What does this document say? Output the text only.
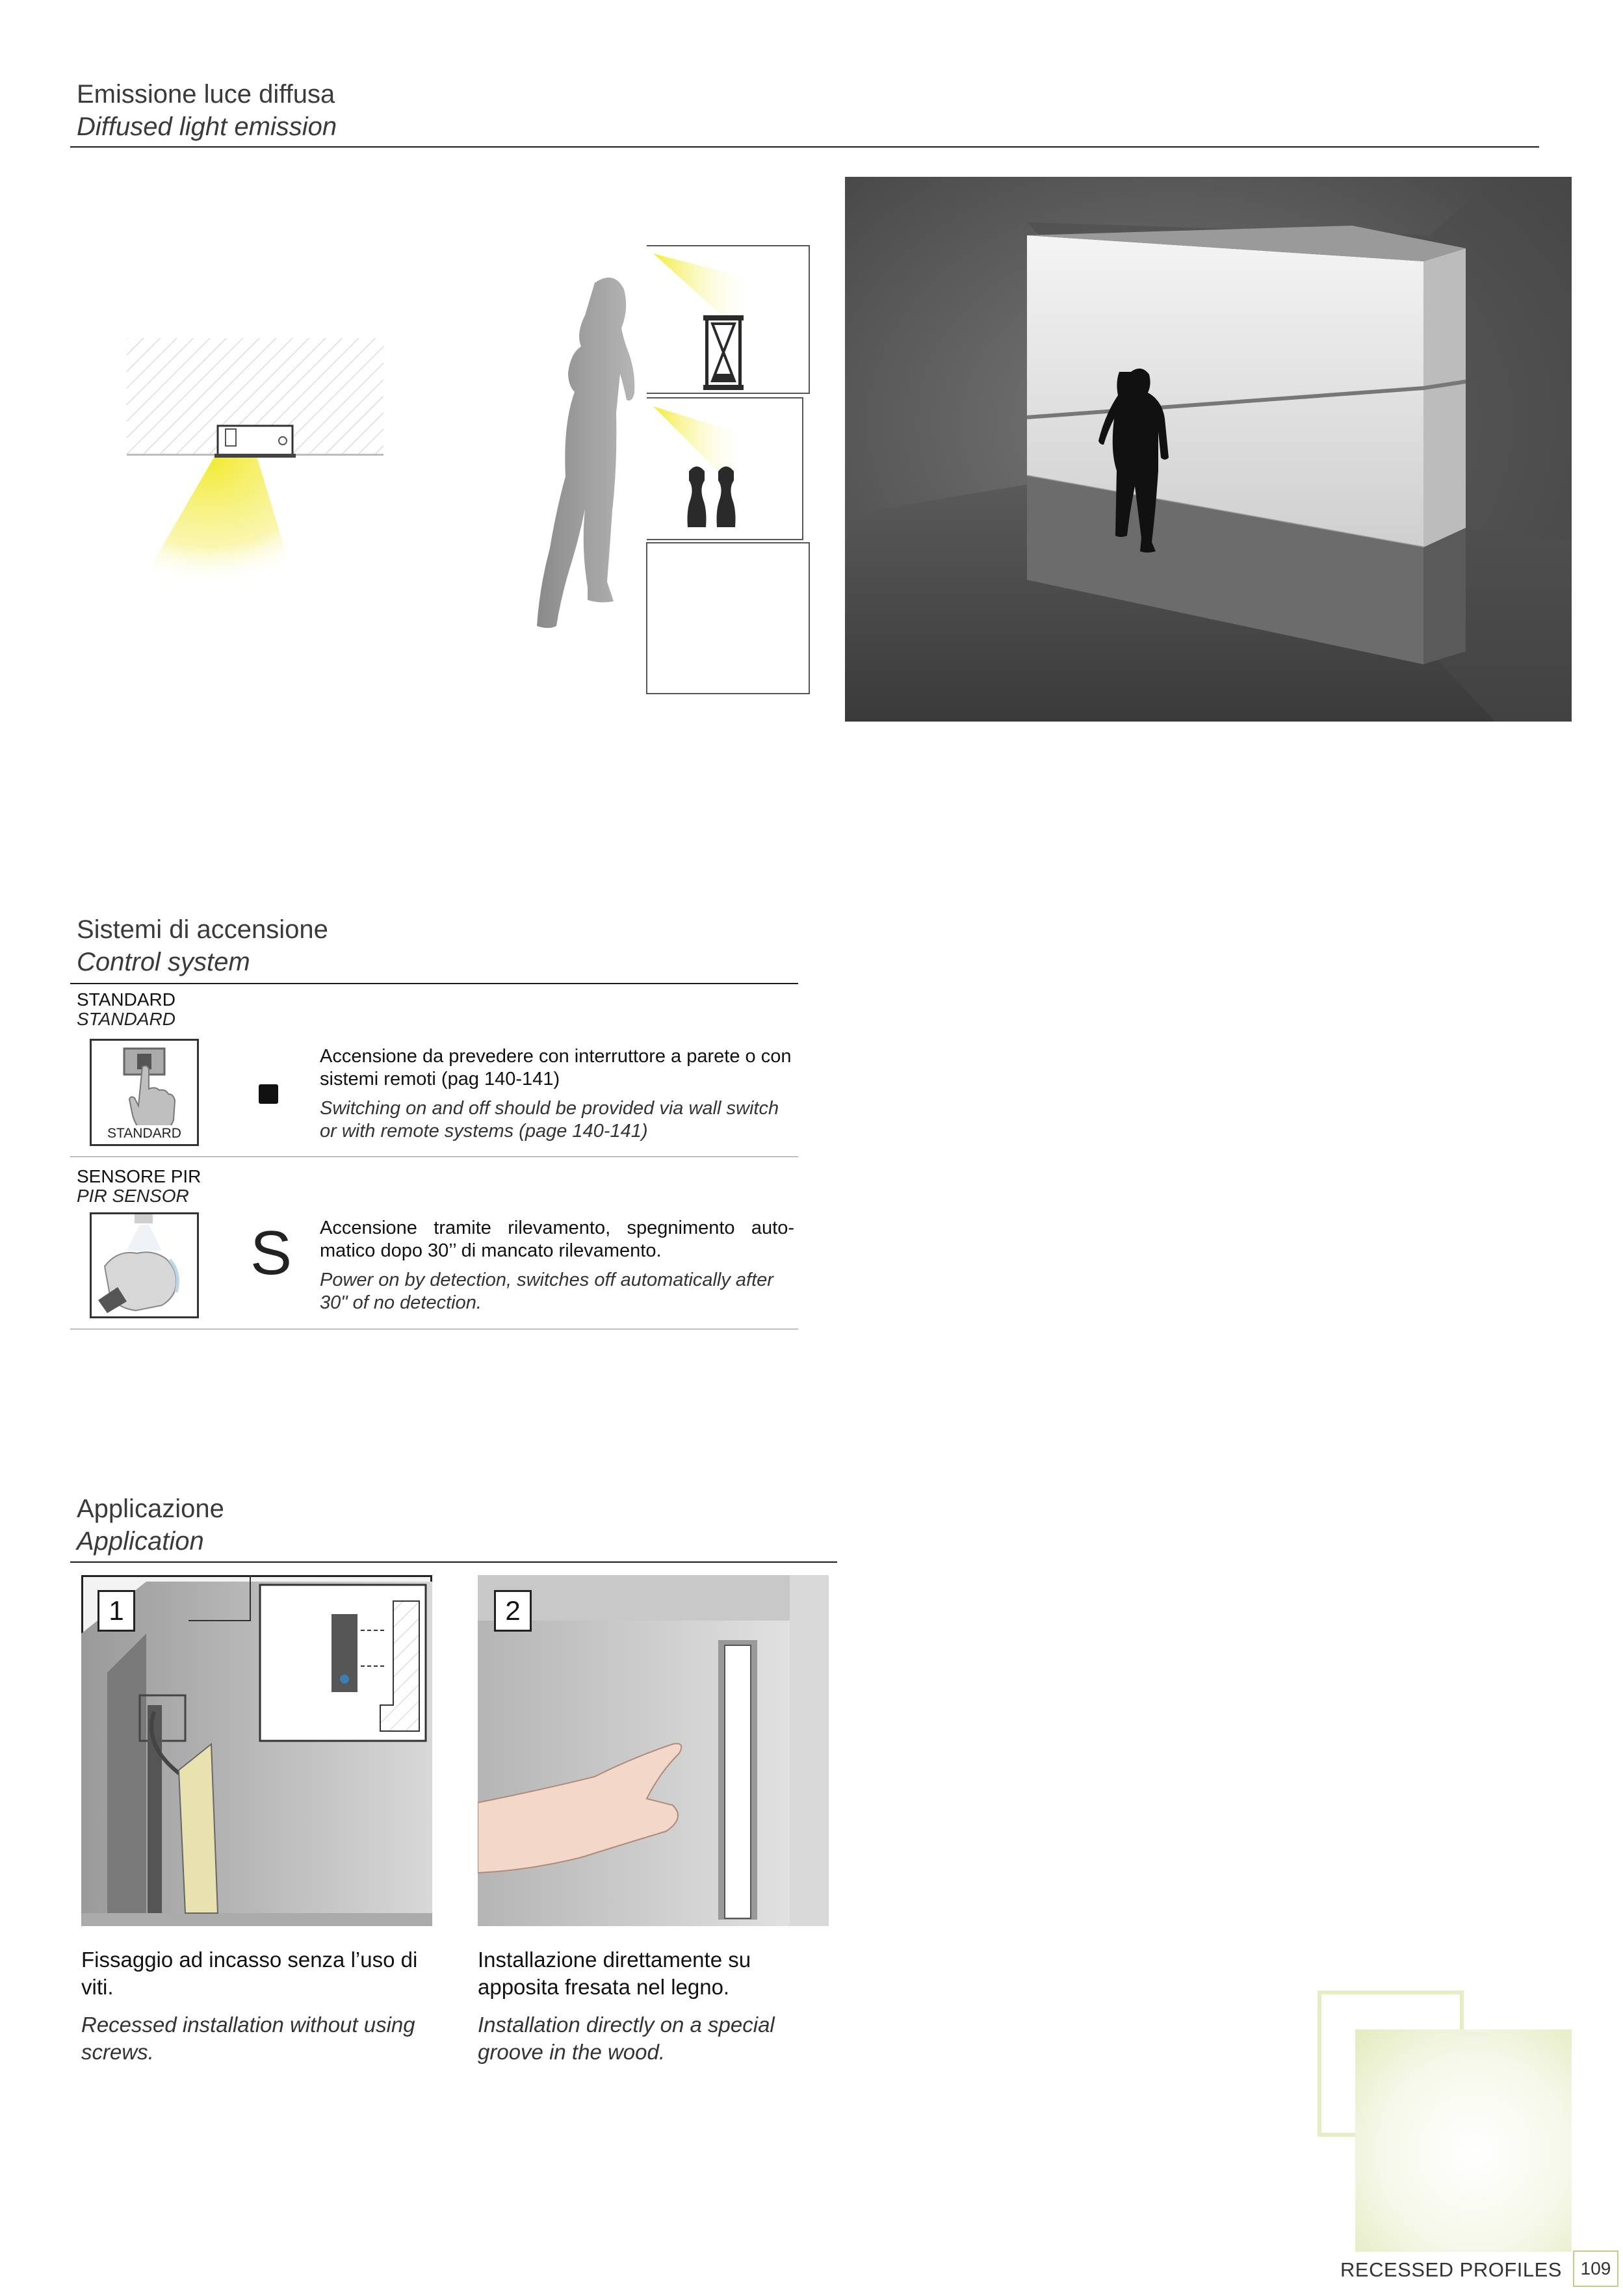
Emissione luce diffusa
Diffused light emission
Sistemi di accensione
Control system
STANDARD
STANDARD
STANDARD
Accensione da prevedere con interruttore a parete o con sistemi remoti (pag 140-141)
Switching on and off should be provided via wall switch or with remote systems (page 140-141)
SENSORE PIR
PIR SENSOR
S Accensione tramite rilevamento, spegnimento auto-matico dopo 30’’ di mancato rilevamento.
Power on by detection, switches off automatically after 30" of no detection.
Applicazione
Application
1	2
Fissaggio ad incasso senza l’uso di viti.
Recessed installation without using screws.
Installazione direttamente su apposita fresata nel legno.
Installation directly on a special groove in the wood.
RECESSED PROFILES	109
